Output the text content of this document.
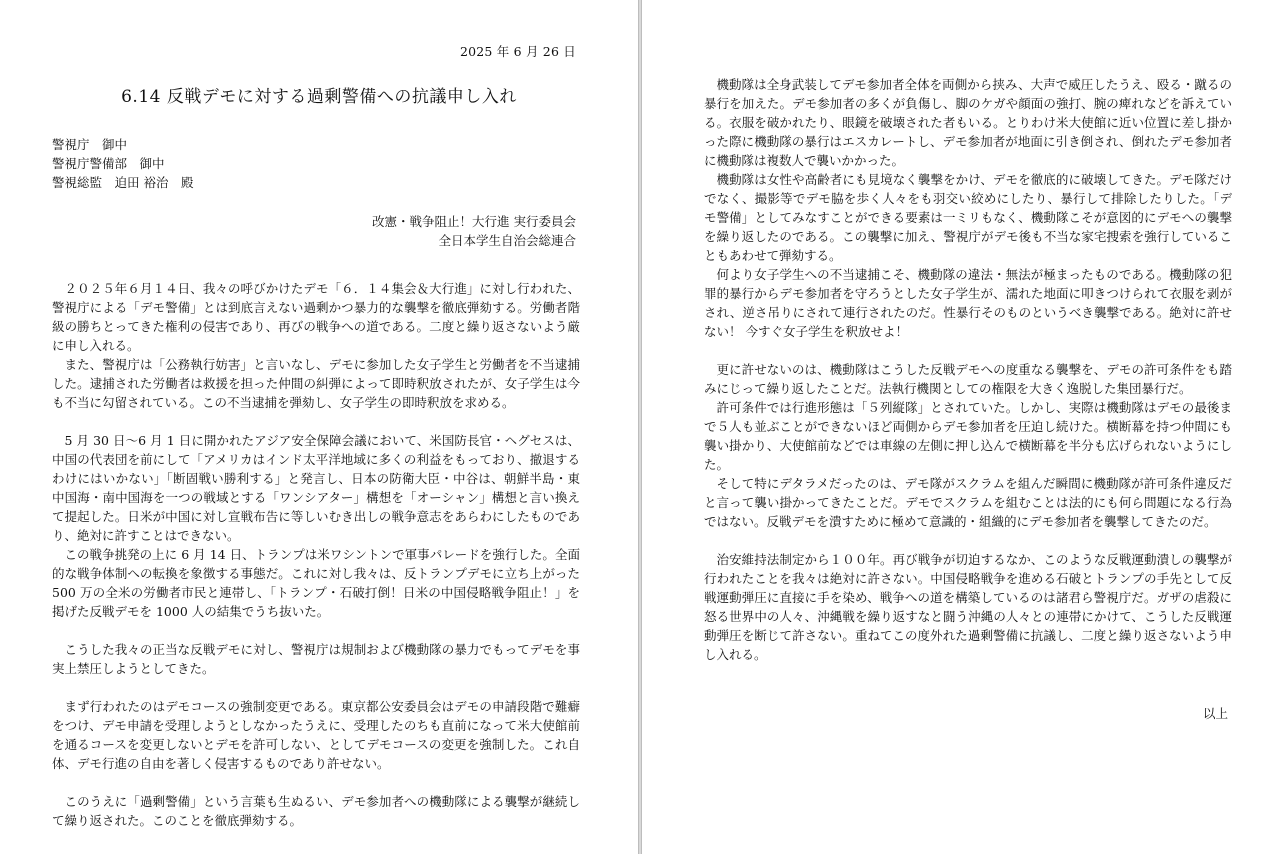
2025 年 6 月 26 日
6.14 反戦デモに対する過剰警備への抗議申し入れ
警視庁　御中
警視庁警備部　御中
警視総監　迫田 裕治　殿
改憲・戦争阻止！大行進 実行委員会
全日本学生自治会総連合

２０２５年６月１４日、我々の呼びかけたデモ「６．１４集会＆大行進」に対し行われた、警視庁による「デモ警備」とは到底言えない過剰かつ暴力的な襲撃を徹底弾劾する。労働者階級の勝ちとってきた権利の侵害であり、再びの戦争への道である。二度と繰り返さないよう厳に申し入れる。

また、警視庁は「公務執行妨害」と言いなし、デモに参加した女子学生と労働者を不当逮捕した。逮捕された労働者は救援を担った仲間の糾弾によって即時釈放されたが、女子学生は今も不当に勾留されている。この不当逮捕を弾劾し、女子学生の即時釈放を求める。

5 月 30 日～6 月 1 日に開かれたアジア安全保障会議において、米国防長官・ヘグセスは、中国の代表団を前にして「アメリカはインド太平洋地域に多くの利益をもっており、撤退するわけにはいかない」「断固戦い勝利する」と発言し、日本の防衛大臣・中谷は、朝鮮半島・東中国海・南中国海を一つの戦域とする「ワンシアター」構想を「オーシャン」構想と言い換えて提起した。日米が中国に対し宣戦布告に等しいむき出しの戦争意志をあらわにしたものであり、絶対に許すことはできない。

この戦争挑発の上に 6 月 14 日、トランプは米ワシントンで軍事パレードを強行した。全面的な戦争体制への転換を象徴する事態だ。これに対し我々は、反トランプデモに立ち上がった 500 万の全米の労働者市民と連帯し、「トランプ・石破打倒！日米の中国侵略戦争阻止！」を掲げた反戦デモを 1000 人の結集でうち抜いた。

こうした我々の正当な反戦デモに対し、警視庁は規制および機動隊の暴力でもってデモを事実上禁圧しようとしてきた。

まず行われたのはデモコースの強制変更である。東京都公安委員会はデモの申請段階で難癖をつけ、デモ申請を受理しようとしなかったうえに、受理したのちも直前になって米大使館前を通るコースを変更しないとデモを許可しない、としてデモコースの変更を強制した。これ自体、デモ行進の自由を著しく侵害するものであり許せない。

このうえに「過剰警備」という言葉も生ぬるい、デモ参加者への機動隊による襲撃が継続して繰り返された。このことを徹底弾劾する。

機動隊は全身武装してデモ参加者全体を両側から挟み、大声で威圧したうえ、殴る・蹴るの暴行を加えた。デモ参加者の多くが負傷し、脚のケガや顔面の強打、腕の痺れなどを訴えている。衣服を破かれたり、眼鏡を破壊された者もいる。とりわけ米大使館に近い位置に差し掛かった際に機動隊の暴行はエスカレートし、デモ参加者が地面に引き倒され、倒れたデモ参加者に機動隊は複数人で襲いかかった。

機動隊は女性や高齢者にも見境なく襲撃をかけ、デモを徹底的に破壊してきた。デモ隊だけでなく、撮影等でデモ脇を歩く人々をも羽交い絞めにしたり、暴行して排除したりした。「デモ警備」としてみなすことができる要素は一ミリもなく、機動隊こそが意図的にデモへの襲撃を繰り返したのである。この襲撃に加え、警視庁がデモ後も不当な家宅捜索を強行していることもあわせて弾劾する。

何より女子学生への不当逮捕こそ、機動隊の違法・無法が極まったものである。機動隊の犯罪的暴行からデモ参加者を守ろうとした女子学生が、濡れた地面に叩きつけられて衣服を剥がされ、逆さ吊りにされて連行されたのだ。性暴行そのものというべき襲撃である。絶対に許せない！ 今すぐ女子学生を釈放せよ！

更に許せないのは、機動隊はこうした反戦デモへの度重なる襲撃を、デモの許可条件をも踏みにじって繰り返したことだ。法執行機関としての権限を大きく逸脱した集団暴行だ。

許可条件では行進形態は「５列縦隊」とされていた。しかし、実際は機動隊はデモの最後まで５人も並ぶことができないほど両側からデモ参加者を圧迫し続けた。横断幕を持つ仲間にも襲い掛かり、大使館前などでは車線の左側に押し込んで横断幕を半分も広げられないようにした。

そして特にデタラメだったのは、デモ隊がスクラムを組んだ瞬間に機動隊が許可条件違反だと言って襲い掛かってきたことだ。デモでスクラムを組むことは法的にも何ら問題になる行為ではない。反戦デモを潰すために極めて意識的・組織的にデモ参加者を襲撃してきたのだ。

治安維持法制定から１００年。再び戦争が切迫するなか、このような反戦運動潰しの襲撃が行われたことを我々は絶対に許さない。中国侵略戦争を進める石破とトランプの手先として反戦運動弾圧に直接に手を染め、戦争への道を構築しているのは諸君ら警視庁だ。ガザの虐殺に怒る世界中の人々、沖縄戦を繰り返すなと闘う沖縄の人々との連帯にかけて、こうした反戦運動弾圧を断じて許さない。重ねてこの度外れた過剰警備に抗議し、二度と繰り返さないよう申し入れる。

以上
